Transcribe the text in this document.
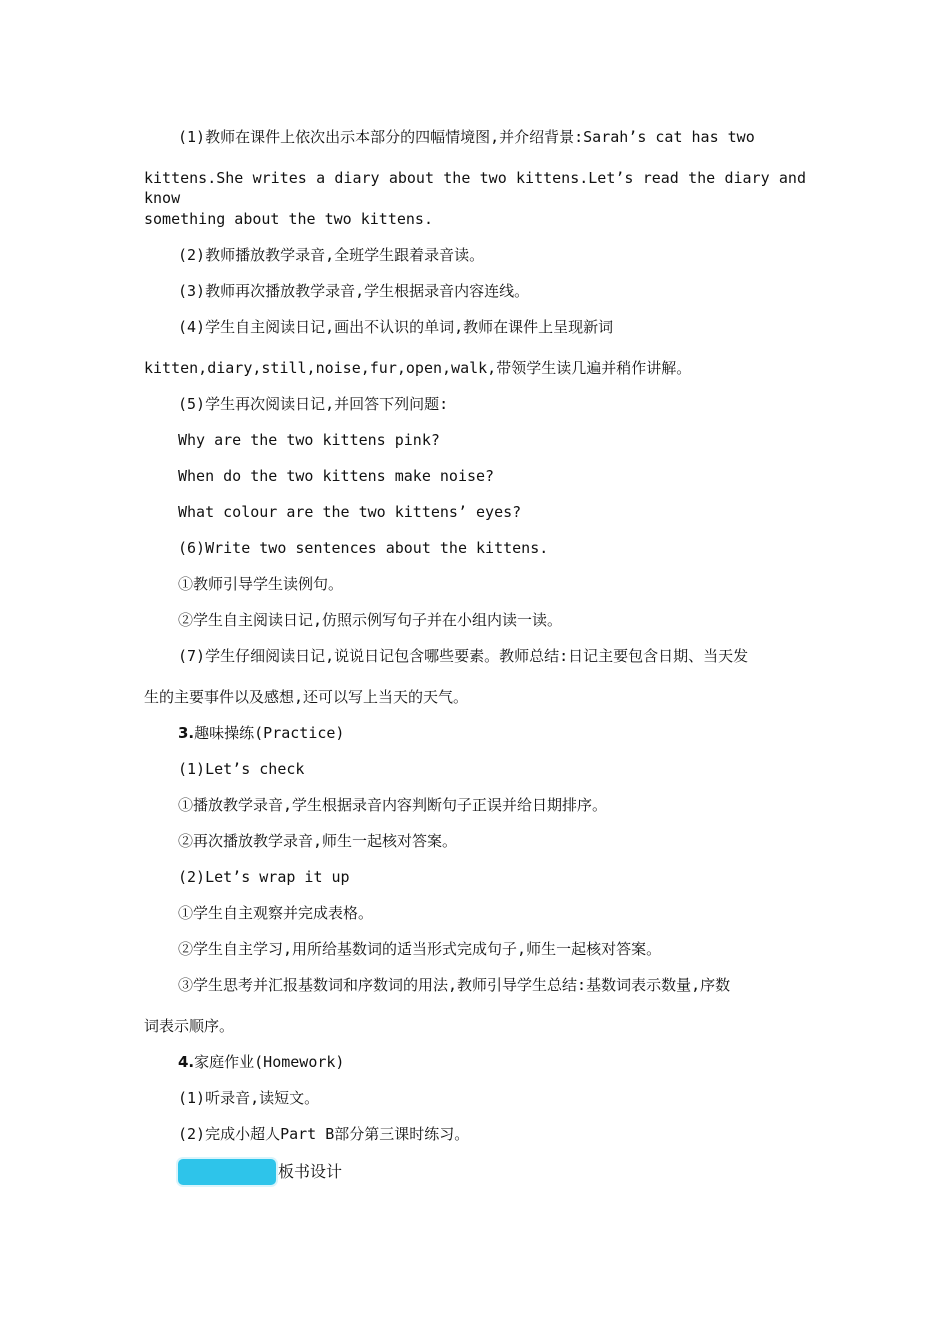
(1)教师在课件上依次出示本部分的四幅情境图,并介绍背景:Sarah’s cat has two

kittens.She writes a diary about the two kittens.Let’s read the diary and know

something about the two kittens.

(2)教师播放教学录音,全班学生跟着录音读。

(3)教师再次播放教学录音,学生根据录音内容连线。

(4)学生自主阅读日记,画出不认识的单词,教师在课件上呈现新词

kitten,diary,still,noise,fur,open,walk,带领学生读几遍并稍作讲解。

(5)学生再次阅读日记,并回答下列问题:

Why are the two kittens pink?

When do the two kittens make noise?

What colour are the two kittens’ eyes?

(6)Write two sentences about the kittens.

①教师引导学生读例句。

②学生自主阅读日记,仿照示例写句子并在小组内读一读。

(7)学生仔细阅读日记,说说日记包含哪些要素。教师总结:日记主要包含日期、当天发

生的主要事件以及感想,还可以写上当天的天气。

3.趣味操练(Practice)

(1)Let’s check

①播放教学录音,学生根据录音内容判断句子正误并给日期排序。

②再次播放教学录音,师生一起核对答案。

(2)Let’s wrap it up

①学生自主观察并完成表格。

②学生自主学习,用所给基数词的适当形式完成句子,师生一起核对答案。

③学生思考并汇报基数词和序数词的用法,教师引导学生总结:基数词表示数量,序数

词表示顺序。

4.家庭作业(Homework)

(1)听录音,读短文。

(2)完成小超人Part B部分第三课时练习。

板书设计
